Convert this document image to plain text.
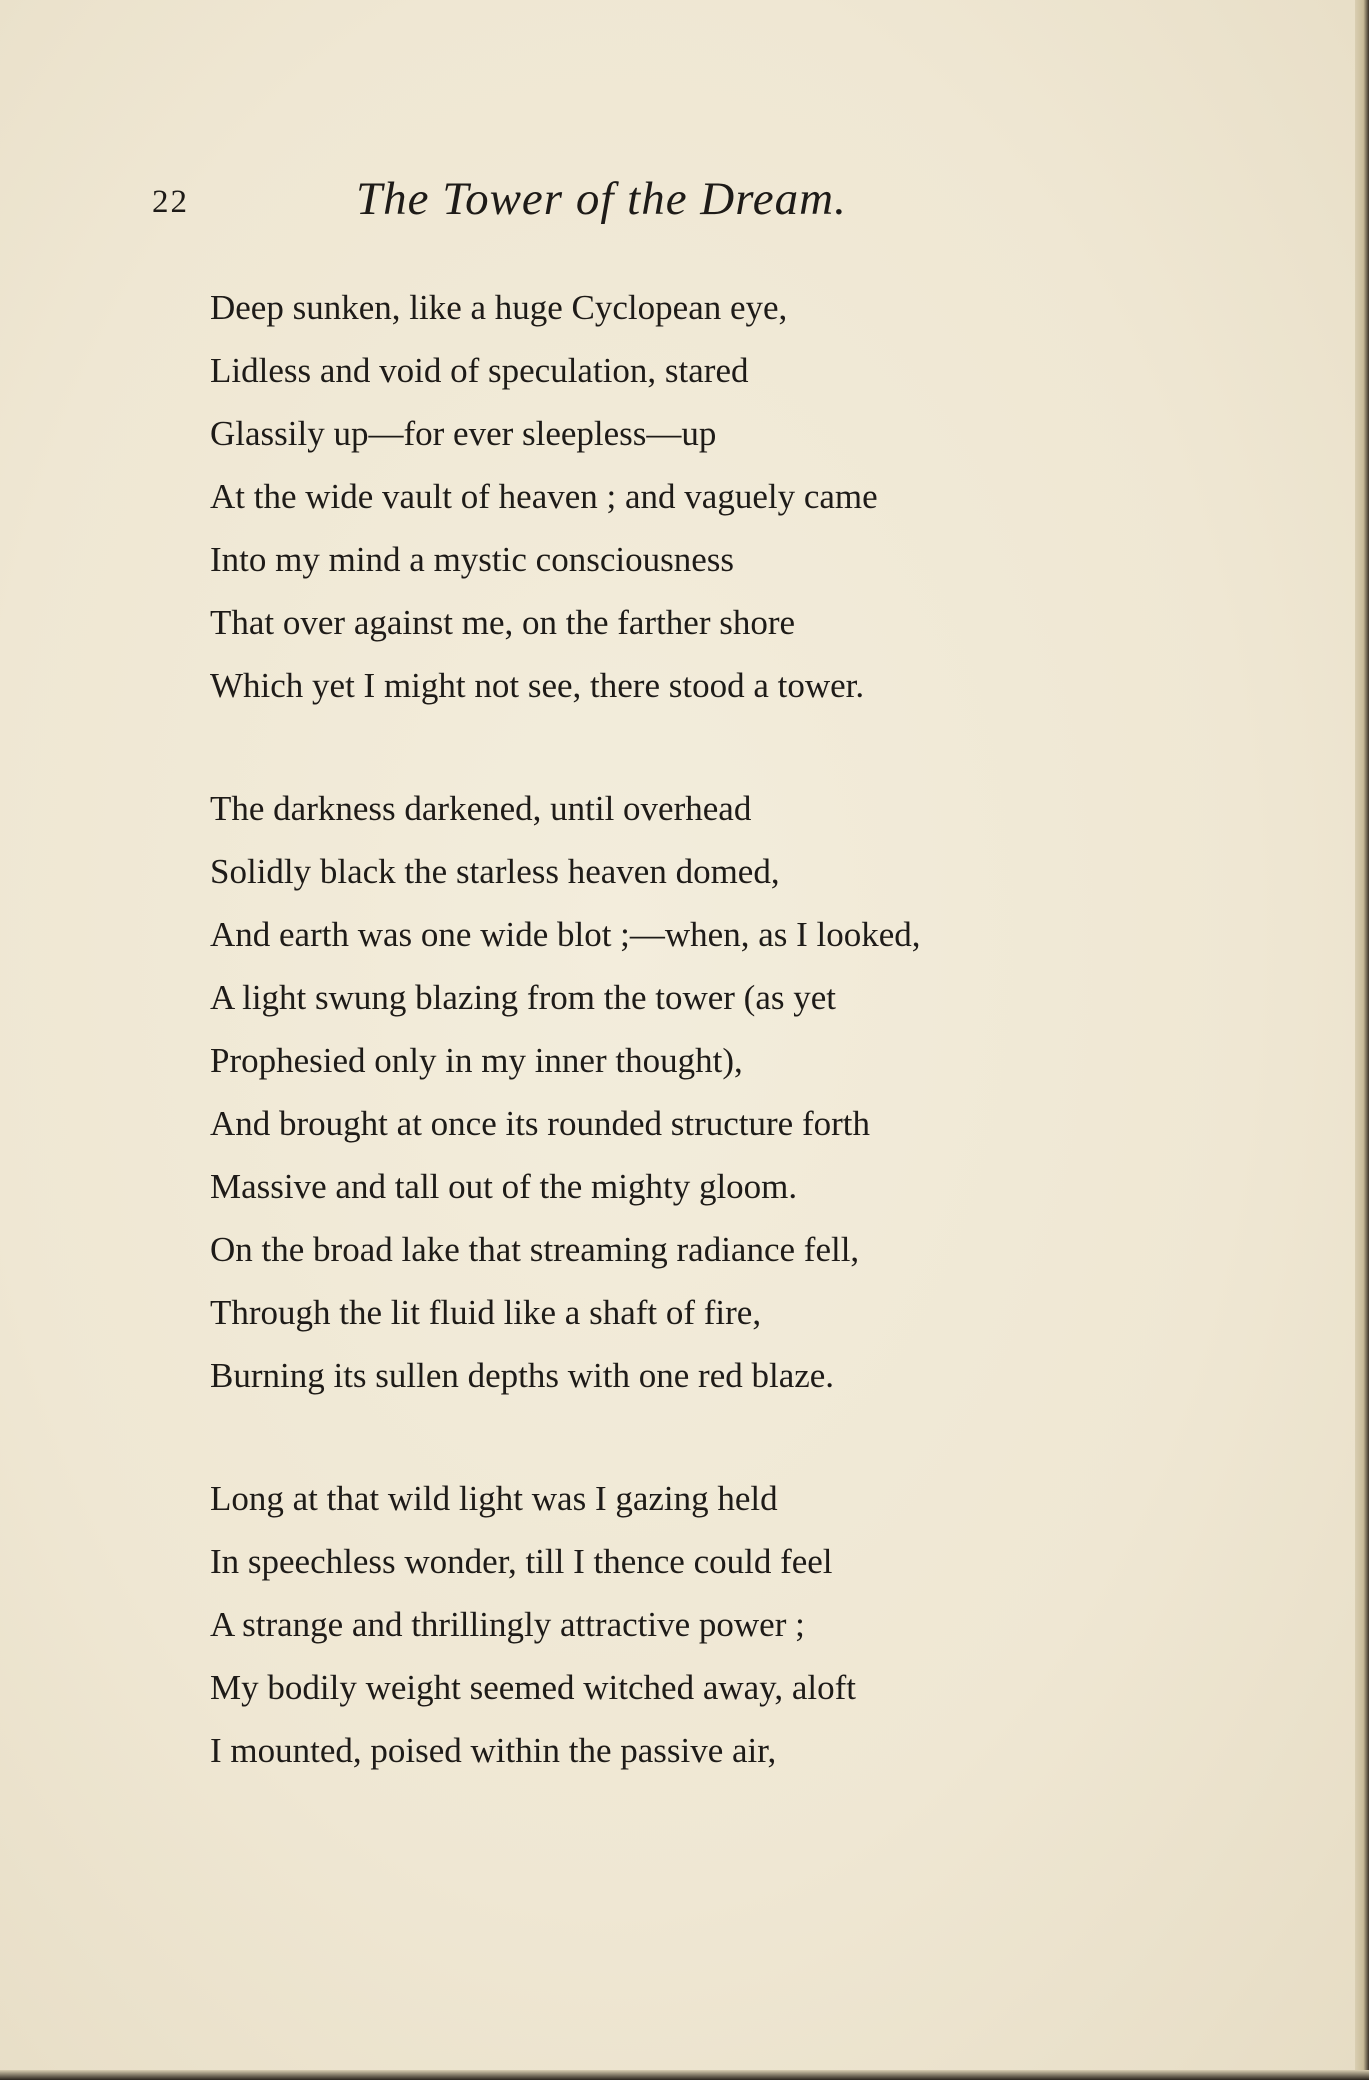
22	The Tower of the Dream.
Deep sunken, like a huge Cyclopean eye,
Lidless and void of speculation, stared
Glassily up—for ever sleepless—up
At the wide vault of heaven ; and vaguely came
Into my mind a mystic consciousness
That over against me, on the farther shore
Which yet I might not see, there stood a tower.
The darkness darkened, until overhead
Solidly black the starless heaven domed,
And earth was one wide blot ;—when, as I looked,
A light swung blazing from the tower (as yet
Prophesied only in my inner thought),
And brought at once its rounded structure forth
Massive and tall out of the mighty gloom.
On the broad lake that streaming radiance fell,
Through the lit fluid like a shaft of fire,
Burning its sullen depths with one red blaze.
Long at that wild light was I gazing held
In speechless wonder, till I thence could feel
A strange and thrillingly attractive power ;
My bodily weight seemed witched away, aloft
I mounted, poised within the passive air,
